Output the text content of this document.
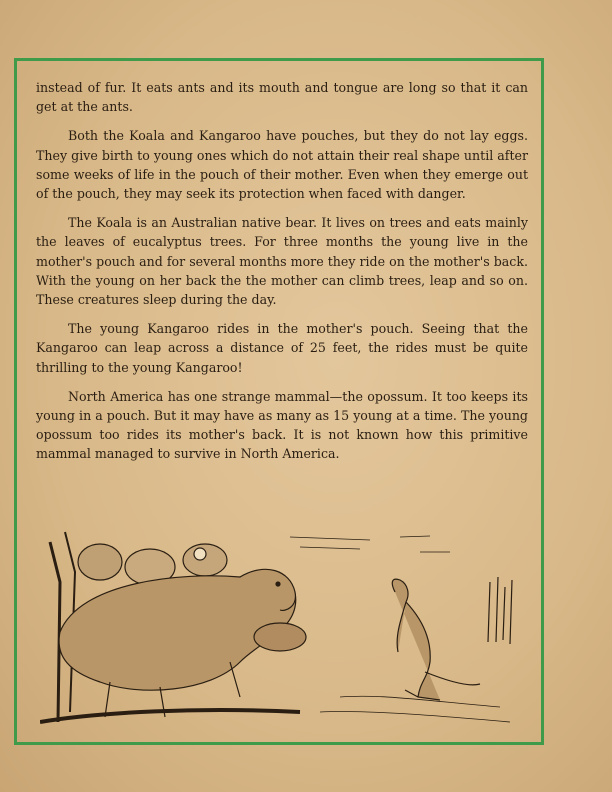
instead of fur. It eats ants and its mouth and tongue are long so that it can get at the ants.

Both the Koala and Kangaroo have pouches, but they do not lay eggs. They give birth to young ones which do not attain their real shape until after some weeks of life in the pouch of their mother. Even when they emerge out of the pouch, they may seek its protection when faced with danger.

The Koala is an Australian native bear. It lives on trees and eats mainly the leaves of eucalyptus trees. For three months the young live in the mother's pouch and for several months more they ride on the mother's back. With the young on her back the the mother can climb trees, leap and so on. These creatures sleep during the day.

The young Kangaroo rides in the mother's pouch. Seeing that the Kangaroo can leap across a distance of 25 feet, the rides must be quite thrilling to the young Kangaroo!

North America has one strange mammal—the opossum. It too keeps its young in a pouch. But it may have as many as 15 young at a time. The young opossum too rides its mother's back. It is not known how this primitive mammal managed to survive in North America.
